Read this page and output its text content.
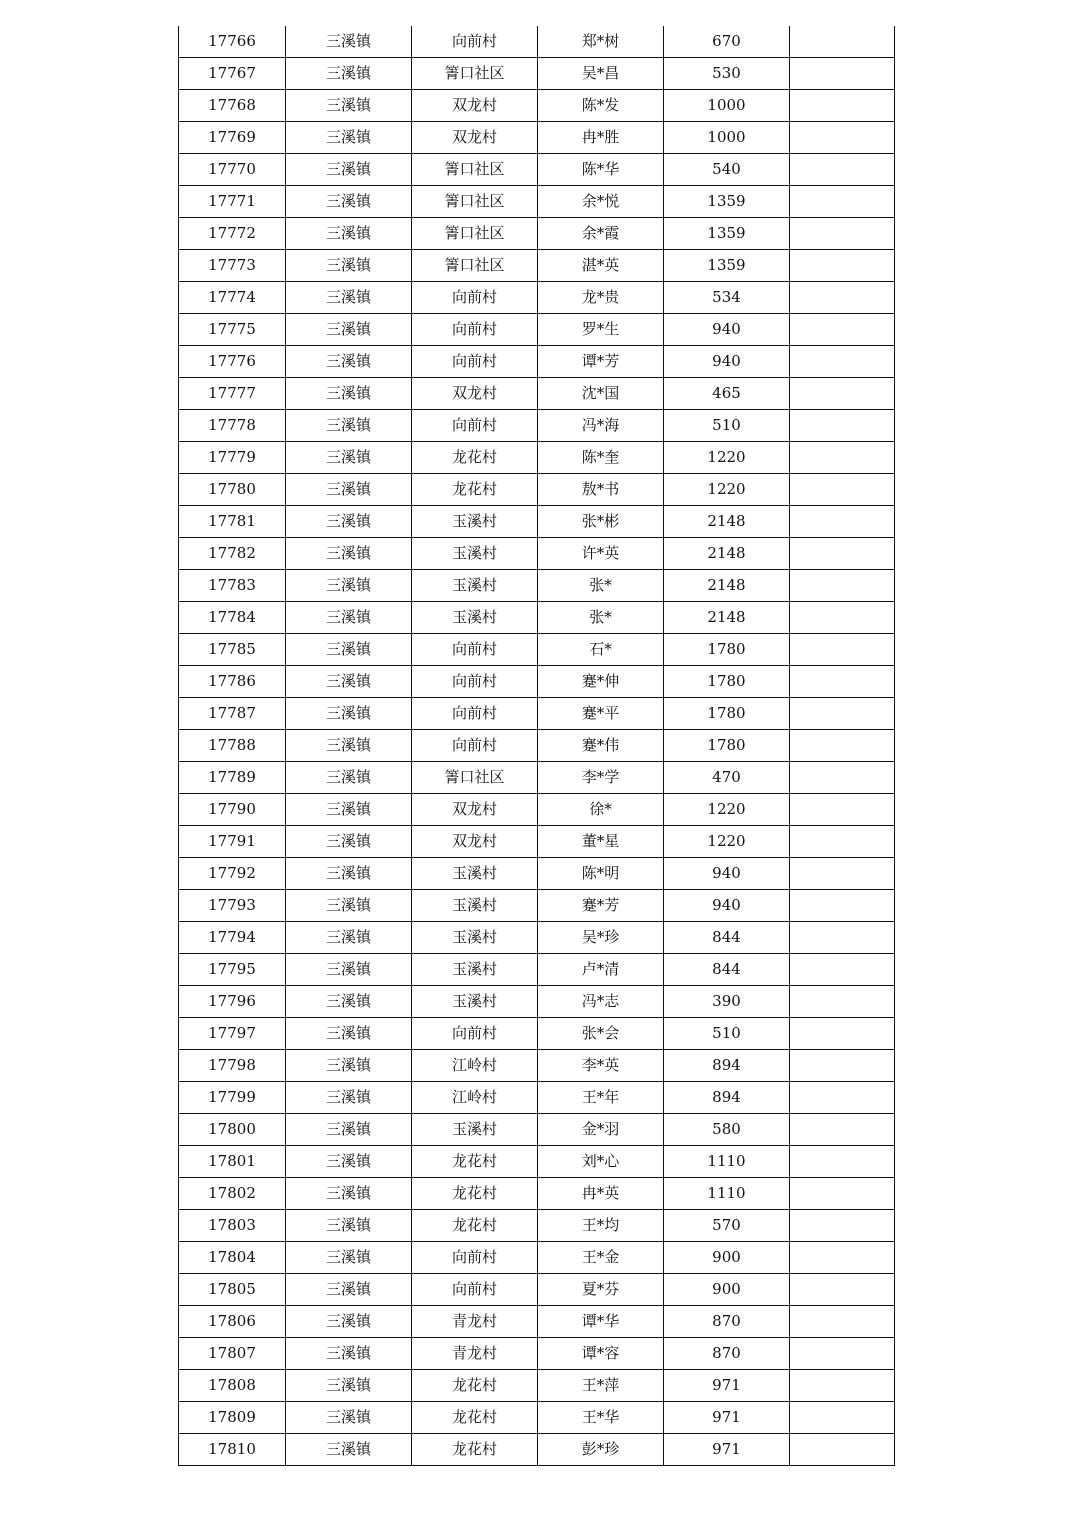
17766	三溪镇	向前村	郑*树	670	
17767	三溪镇	箐口社区	吴*昌	530	
17768	三溪镇	双龙村	陈*发	1000	
17769	三溪镇	双龙村	冉*胜	1000	
17770	三溪镇	箐口社区	陈*华	540	
17771	三溪镇	箐口社区	余*悦	1359	
17772	三溪镇	箐口社区	余*霞	1359	
17773	三溪镇	箐口社区	湛*英	1359	
17774	三溪镇	向前村	龙*贵	534	
17775	三溪镇	向前村	罗*生	940	
17776	三溪镇	向前村	谭*芳	940	
17777	三溪镇	双龙村	沈*国	465	
17778	三溪镇	向前村	冯*海	510	
17779	三溪镇	龙花村	陈*奎	1220	
17780	三溪镇	龙花村	敖*书	1220	
17781	三溪镇	玉溪村	张*彬	2148	
17782	三溪镇	玉溪村	许*英	2148	
17783	三溪镇	玉溪村	张*	2148	
17784	三溪镇	玉溪村	张*	2148	
17785	三溪镇	向前村	石*	1780	
17786	三溪镇	向前村	蹇*伸	1780	
17787	三溪镇	向前村	蹇*平	1780	
17788	三溪镇	向前村	蹇*伟	1780	
17789	三溪镇	箐口社区	李*学	470	
17790	三溪镇	双龙村	徐*	1220	
17791	三溪镇	双龙村	董*星	1220	
17792	三溪镇	玉溪村	陈*明	940	
17793	三溪镇	玉溪村	蹇*芳	940	
17794	三溪镇	玉溪村	吴*珍	844	
17795	三溪镇	玉溪村	卢*清	844	
17796	三溪镇	玉溪村	冯*志	390	
17797	三溪镇	向前村	张*会	510	
17798	三溪镇	江岭村	李*英	894	
17799	三溪镇	江岭村	王*年	894	
17800	三溪镇	玉溪村	金*羽	580	
17801	三溪镇	龙花村	刘*心	1110	
17802	三溪镇	龙花村	冉*英	1110	
17803	三溪镇	龙花村	王*均	570	
17804	三溪镇	向前村	王*金	900	
17805	三溪镇	向前村	夏*芬	900	
17806	三溪镇	青龙村	谭*华	870	
17807	三溪镇	青龙村	谭*容	870	
17808	三溪镇	龙花村	王*萍	971	
17809	三溪镇	龙花村	王*华	971	
17810	三溪镇	龙花村	彭*珍	971	
